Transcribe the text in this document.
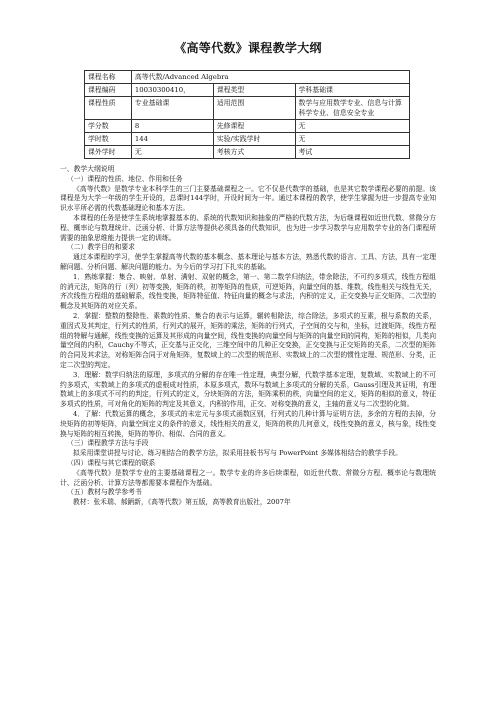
《高等代数》课程教学大纲
课程名称	高等代数/Advanced Algebra		
课程编码	10030300410，	课程类型	学科基础课
课程性质	专业基础课	适用范围	数学与应用数学专业、信息与计算科学专业、信息安全专业
学分数	8	先修课程	无
学时数	144	实验/实践学时	无
课外学时	无	考核方式	考试

一、教学大纲说明

（一）课程的性质、地位、作用和任务

《高等代数》是数学专业本科学生的三门主要基础课程之一。它不仅是代数学的基础，也是其它数学课程必要的前提。该课程是为大学一年级的学生开设的，总课时144学时，开设时间为一年。通过本课程的教学，使学生掌握为进一步提高专业知识水平所必需的代数基础理论和基本方法。

本课程的任务是使学生系统地掌握基本的、系统的代数知识和抽象的严格的代数方法，为后继课程如近世代数、常微分方程、概率论与数理统计、泛函分析、计算方法等提供必须具备的代数知识，也为进一步学习数学与应用数学专业的各门课程所需要的抽象思维能力提供一定的训练。

（二）教学目的和要求

通过本课程的学习，使学生掌握高等代数的基本概念、基本理论与基本方法，熟悉代数的语言、工具、方法，具有一定理解问题、分析问题、解决问题的能力。为今后的学习打下扎实的基础。

1．熟练掌握：集合、映射、单射、满射、双射的概念，第一、第二数学归纳法，带余除法，不可约多项式，线性方程组的消元法，矩阵的行（列）初等变换，矩阵的秩，初等矩阵的性质，可逆矩阵，向量空间的基、维数，线性相关与线性无关，齐次线性方程组的基础解系，线性变换，矩阵特征值、特征向量的概念与求法，内积的定义，正交变换与正交矩阵，二次型的概念及其矩阵的对应关系。

2．掌握：整数的整除性、素数的性质、集合的表示与运算，辗转相除法，综合除法，多项式的互素，根与系数的关系，重因式及其判定，行列式的性质，行列式的展开，矩阵的乘法，矩阵的行列式，子空间的交与和，坐标，过渡矩阵，线性方程组的特解与通解，线性变换的运算及其形成的向量空间，线性变换的向量空间与矩阵的向量空间的同构，矩阵的相似，几类向量空间的内积，Cauchy不等式，正交基与正交化，三维空间中的几种正交变换，正交变换与正交矩阵的关系，二次型的矩阵的合同及其求法，对称矩阵合同于对角矩阵，复数域上的二次型的规范形、实数域上的二次型的惯性定理、规范形、分类，正定二次型的判定。

3．理解：数学归纳法的原理，多项式的分解的存在唯一性定理，典型分解，代数学基本定理，复数域、实数域上的不可约多项式，实数域上的多项式的虚根成对性质，本原多项式，数环与数域上多项式的分解的关系，Gauss引理及其证明，有理数域上的多项式不可约的判定，行列式的定义，分块矩阵的方法，矩阵乘积的秩，向量空间的定义，矩阵的相似的意义，特征多项式的性质，可对角化的矩阵的判定及其意义，内积的作用，正交、对称变换的意义，主轴的意义与二次型的化简。

4．了解：代数运算的概念，多项式的未定元与多项式函数区别，行列式的几种计算与证明方法，多余的方程的去掉，分块矩阵的初等矩阵，向量空间定义的条件的意义，线性相关的意义，矩阵的秩的几何意义，线性变换的意义，核与象，线性变换与矩阵的相互转换，矩阵的等价、相似、合同的意义。

（三）课程教学方法与手段

拟采用课堂讲授与讨论、练习相结合的教学方法，拟采用挂板书写与 PowerPoint 多媒体相结合的教学手段。

（四）课程与其它课程的联系

《高等代数》是数学专业的主要基础课程之一。数学专业的许多后续课程，如近世代数、常微分方程、概率论与数理统计、泛函分析、计算方法等都需要本课程作为基础。

（五）教材与教学参考书

教材：张禾瑞、郝鈵新，《高等代数》第五版，高等教育出版社，2007年
